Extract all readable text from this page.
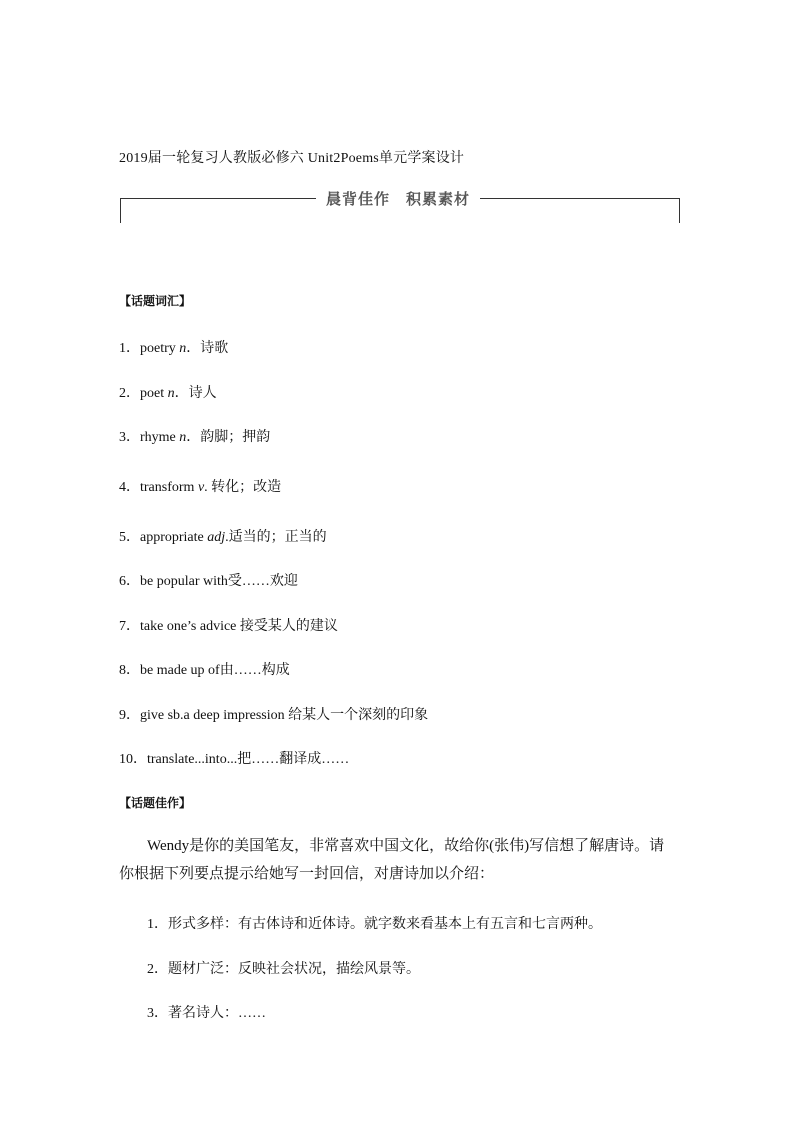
2019届一轮复习人教版必修六 Unit2Poems单元学案设计
晨背佳作　积累素材
【话题词汇】
1．poetry n．诗歌
2．poet n．诗人
3．rhyme n．韵脚；押韵
4．transform v. 转化；改造
5．appropriate adj.适当的；正当的
6．be popular with受……欢迎
7．take one’s advice 接受某人的建议
8．be made up of由……构成
9．give sb.a deep impression 给某人一个深刻的印象
10．translate...into...把……翻译成……
【话题佳作】
Wendy是你的美国笔友，非常喜欢中国文化，故给你(张伟)写信想了解唐诗。请你根据下列要点提示给她写一封回信，对唐诗加以介绍：
1．形式多样：有古体诗和近体诗。就字数来看基本上有五言和七言两种。
2．题材广泛：反映社会状况，描绘风景等。
3．著名诗人：……
